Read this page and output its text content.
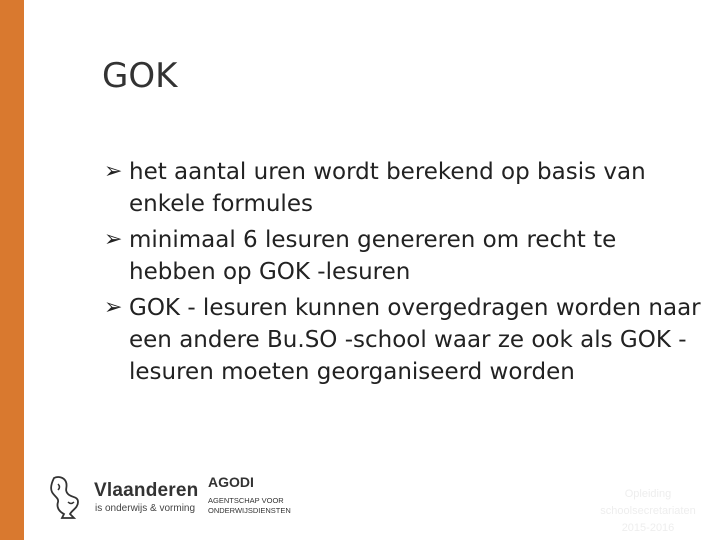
GOK
➢ het aantal uren wordt berekend op basis van enkele formules
➢ minimaal 6 lesuren genereren om recht te hebben op GOK -lesuren
➢ GOK - lesuren kunnen overgedragen worden naar een andere Bu.SO -school waar ze ook als GOK -lesuren moeten georganiseerd worden
Vlaanderen
is onderwijs & vorming
AGODI
AGENTSCHAP VOOR ONDERWIJSDIENSTEN
Opleiding
schoolsecretariaten
2015-2016
